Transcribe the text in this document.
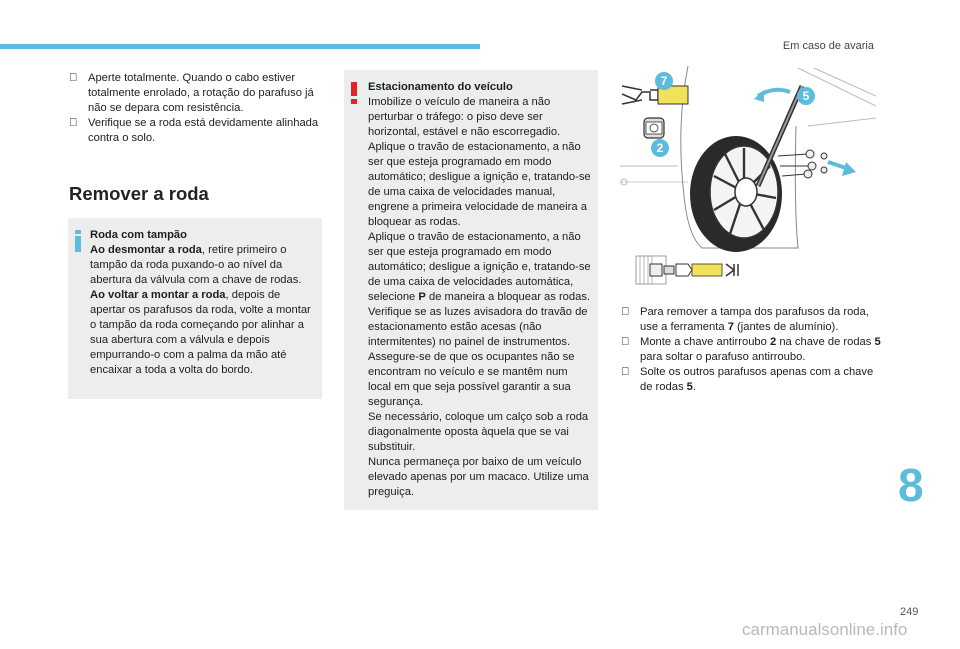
Em caso de avaria
Aperte totalmente. Quando o cabo estiver totalmente enrolado, a rotação do parafuso já não se depara com resistência.
Verifique se a roda está devidamente alinhada contra o solo.
Remover a roda

Roda com tampão

Ao desmontar a roda, retire primeiro o tampão da roda puxando-o ao nível da abertura da válvula com a chave de rodas.

Ao voltar a montar a roda, depois de apertar os parafusos da roda, volte a montar o tampão da roda começando por alinhar a sua abertura com a válvula e depois empurrando-o com a palma da mão até encaixar a toda a volta do bordo.

Estacionamento do veículo

Imobilize o veículo de maneira a não perturbar o tráfego: o piso deve ser horizontal, estável e não escorregadio.

Aplique o travão de estacionamento, a não ser que esteja programado em modo automático; desligue a ignição e, tratando-se de uma caixa de velocidades manual, engrene a primeira velocidade de maneira a bloquear as rodas.

Aplique o travão de estacionamento, a não ser que esteja programado em modo automático; desligue a ignição e, tratando-se de uma caixa de velocidades automática, selecione P de maneira a bloquear as rodas.

Verifique se as luzes avisadora do travão de estacionamento estão acesas (não intermitentes) no painel de instrumentos.

Assegure-se de que os ocupantes não se encontram no veículo e se mantêm num local em que seja possível garantir a sua segurança.

Se necessário, coloque um calço sob a roda diagonalmente oposta àquela que se vai substituir.

Nunca permaneça por baixo de um veículo elevado apenas por um macaco. Utilize uma preguiça.

7
5
2
Para remover a tampa dos parafusos da roda, use a ferramenta 7 (jantes de alumínio).
Monte a chave antirroubo 2 na chave de rodas 5 para soltar o parafuso antirroubo.
Solte os outros parafusos apenas com a chave de rodas 5.
8
249
carmanualsonline.info
